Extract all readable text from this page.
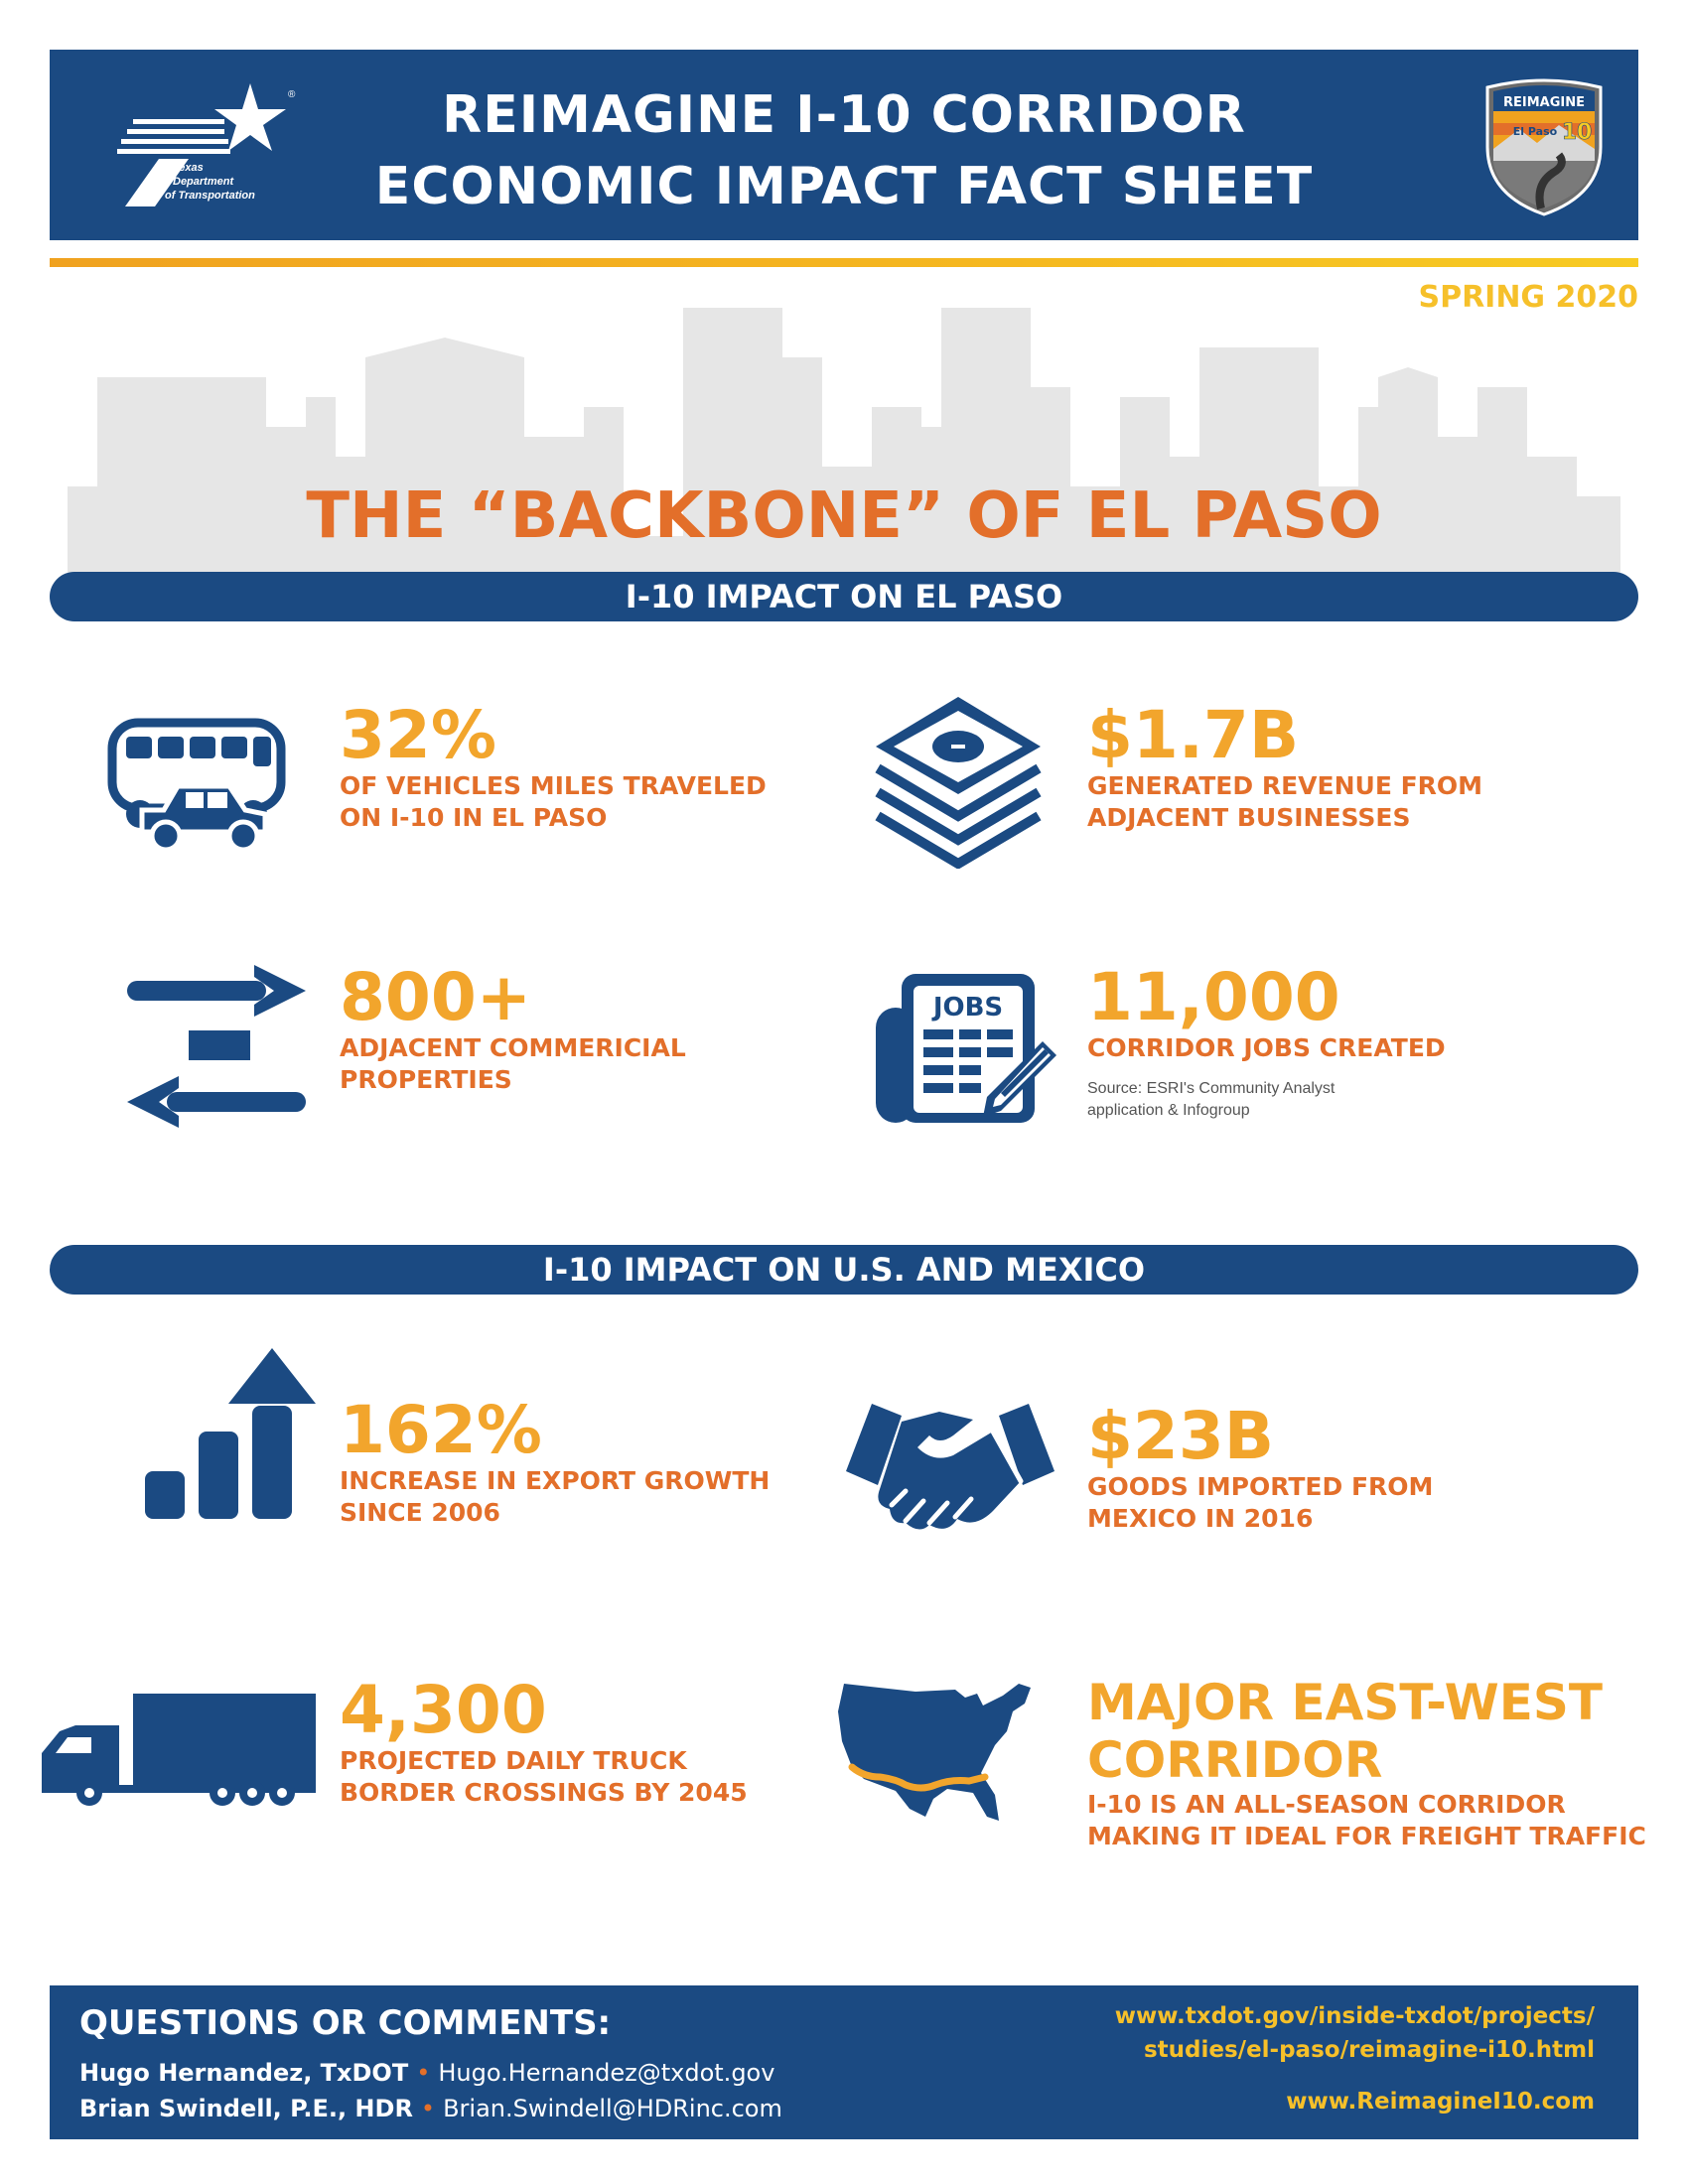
Texas
Department
of Transportation
®	REIMAGINE I-10 CORRIDOR
ECONOMIC IMPACT FACT SHEET
REIMAGINE
El Paso 10
SPRING 2020
THE “BACKBONE” OF EL PASO
I-10 IMPACT ON EL PASO
32%
OF VEHICLES MILES TRAVELED
ON I-10 IN EL PASO
$1.7B
GENERATED REVENUE FROM
ADJACENT BUSINESSES
800+
ADJACENT COMMERICIAL
PROPERTIES
JOBS 11,000
CORRIDOR JOBS CREATED
Source: ESRI's Community Analyst
application & Infogroup
I-10 IMPACT ON U.S. AND MEXICO
162%
INCREASE IN EXPORT GROWTH
SINCE 2006
$23B
GOODS IMPORTED FROM
MEXICO IN 2016
4,300
PROJECTED DAILY TRUCK
BORDER CROSSINGS BY 2045
MAJOR EAST-WEST
CORRIDOR
I-10 IS AN ALL-SEASON CORRIDOR
MAKING IT IDEAL FOR FREIGHT TRAFFIC
QUESTIONS OR COMMENTS:
Hugo Hernandez, TxDOT • Hugo.Hernandez@txdot.gov
Brian Swindell, P.E., HDR • Brian.Swindell@HDRinc.com
www.txdot.gov/inside-txdot/projects/
studies/el-paso/reimagine-i10.html
www.ReimagineI10.com
